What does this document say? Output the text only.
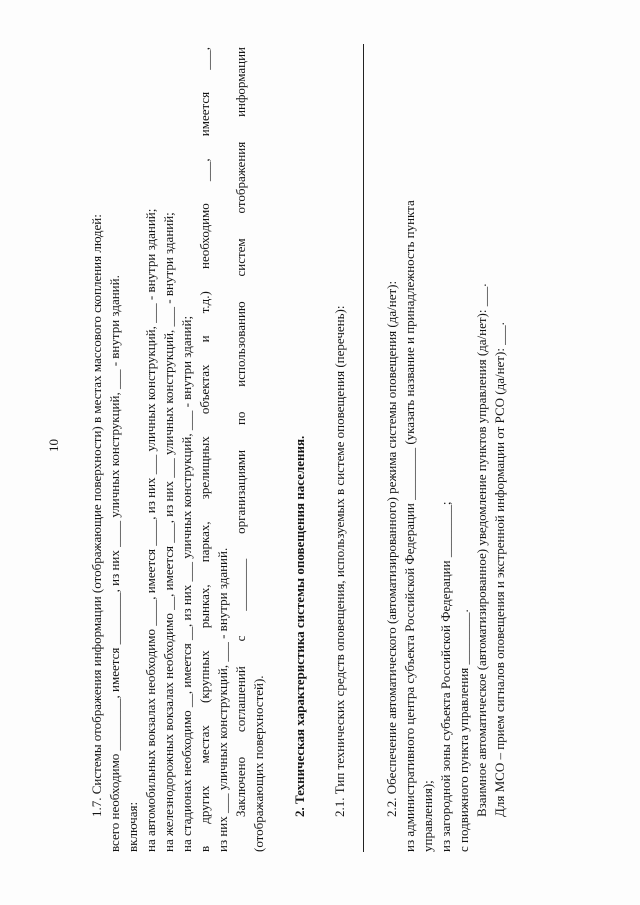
10 1.7. Системы отображения информации (отображающие поверхности) в местах массового скопления людей: всего необходимо ________, имеется ________, из них ____ уличных конструкций, ___ - внутри зданий. включая: на автомобильных вокзалах необходимо ____, имеется ____, из них ___ уличных конструкций, ___ - внутри зданий; на железнодорожных вокзалах необходимо __, имеется ___, из них ___ уличных конструкций, ___ - внутри зданий; на стадионах необходимо __, имеется __, из них ___ уличных конструкций, ___ - внутри зданий; в других местах (крупных рынках, парках, зрелищных объектах и т.д.) необходимо ___, имеется ___, из них ___ уличных конструкций, ___ - внутри зданий. Заключено соглашений с ________ организациями по использованию систем отображения информации (отображающих поверхностей). 2. Техническая характеристика системы оповещения населения. 2.1. Тип технических средств оповещения, используемых в системе оповещения (перечень):	2.2. Обеспечение автоматического (автоматизированного) режима системы оповещения (да/нет): из административного центра субъекта Российской Федерации ________ (указать название и принадлежность пункта управления); из загородной зоны субъекта Российской Федерации ________; с подвижного пункта управления ________. Взаимное автоматическое (автоматизированное) уведомление пунктов управления (да/нет): ___. Для МСО – прием сигналов оповещения и экстренной информации от РСО (да/нет): ___.
